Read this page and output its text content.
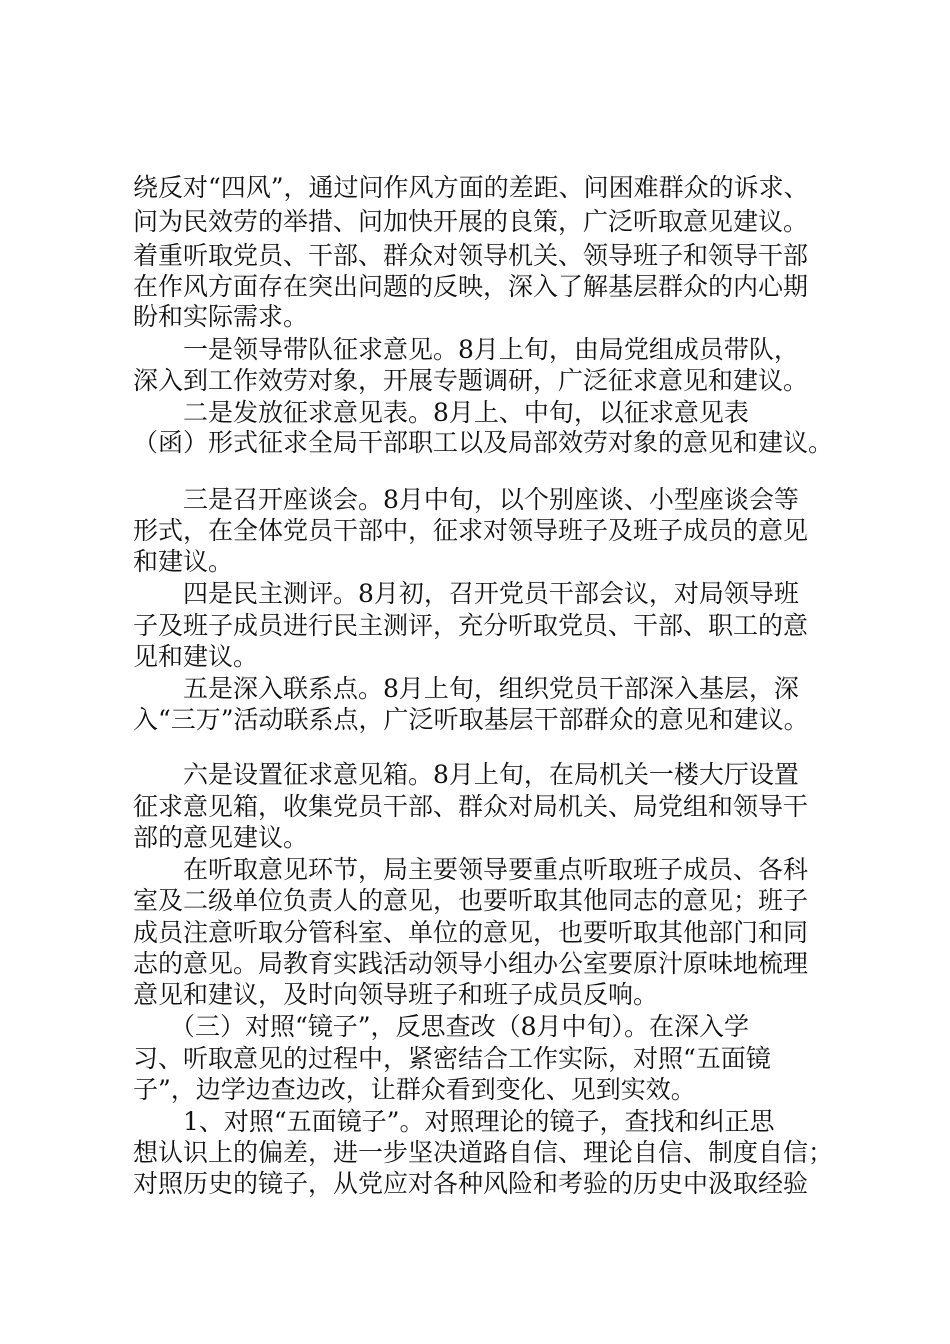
绕反对“四风”，通过问作风方面的差距、问困难群众的诉求、
问为民效劳的举措、问加快开展的良策，广泛听取意见建议。
着重听取党员、干部、群众对领导机关、领导班子和领导干部
在作风方面存在突出问题的反映，深入了解基层群众的内心期
盼和实际需求。
一是领导带队征求意见。8月上旬，由局党组成员带队，
深入到工作效劳对象，开展专题调研，广泛征求意见和建议。
二是发放征求意见表。8月上、中旬，以征求意见表
（函）形式征求全局干部职工以及局部效劳对象的意见和建议。
三是召开座谈会。8月中旬，以个别座谈、小型座谈会等
形式，在全体党员干部中，征求对领导班子及班子成员的意见
和建议。
四是民主测评。8月初，召开党员干部会议，对局领导班
子及班子成员进行民主测评，充分听取党员、干部、职工的意
见和建议。
五是深入联系点。8月上旬，组织党员干部深入基层，深
入“三万”活动联系点，广泛听取基层干部群众的意见和建议。
六是设置征求意见箱。8月上旬，在局机关一楼大厅设置
征求意见箱，收集党员干部、群众对局机关、局党组和领导干
部的意见建议。
在听取意见环节，局主要领导要重点听取班子成员、各科
室及二级单位负责人的意见，也要听取其他同志的意见；班子
成员注意听取分管科室、单位的意见，也要听取其他部门和同
志的意见。局教育实践活动领导小组办公室要原汁原味地梳理
意见和建议，及时向领导班子和班子成员反响。
（三）对照“镜子”，反思查改（8月中旬）。在深入学
习、听取意见的过程中，紧密结合工作实际，对照“五面镜
子”，边学边查边改，让群众看到变化、见到实效。
1、对照“五面镜子”。对照理论的镜子，查找和纠正思
想认识上的偏差，进一步坚决道路自信、理论自信、制度自信；
对照历史的镜子，从党应对各种风险和考验的历史中汲取经验
